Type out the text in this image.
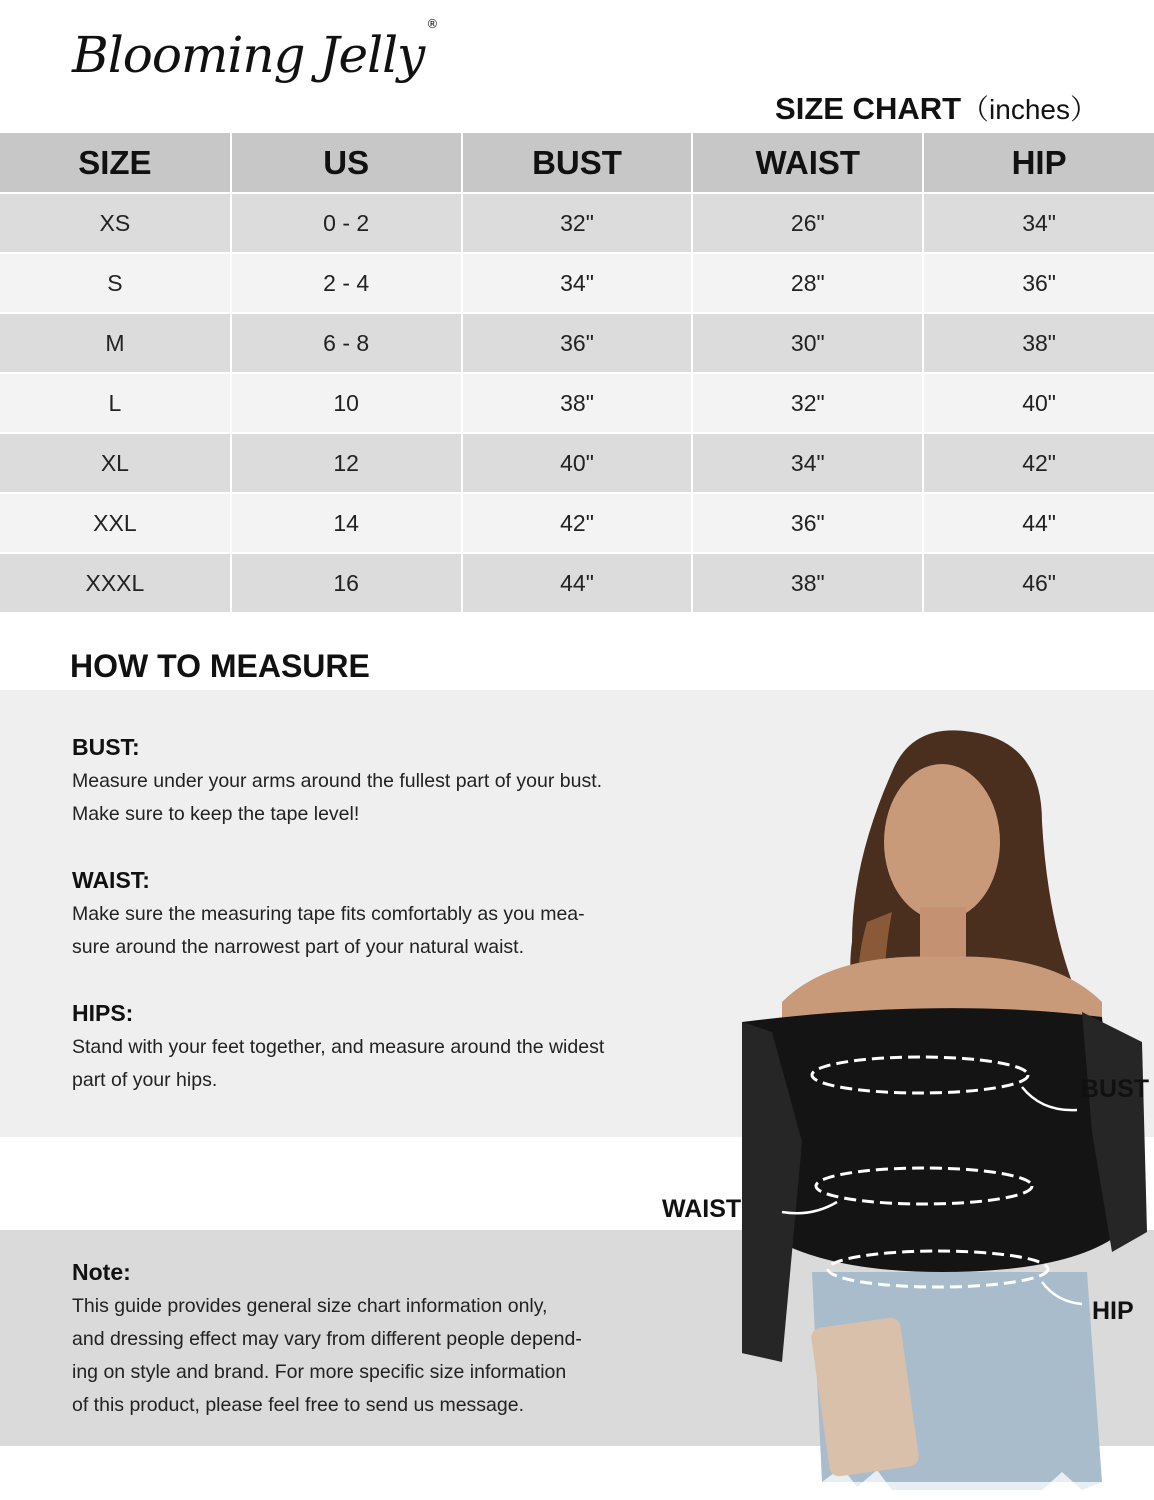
Blooming Jelly®
SIZE CHART（inches）
SIZE	US	BUST	WAIST	HIP
XS	0 - 2	32"	26"	34"
S	2 - 4	34"	28"	36"
M	6 - 8	36"	30"	38"
L	10	38"	32"	40"
XL	12	40"	34"	42"
XXL	14	42"	36"	44"
XXXL	16	44"	38"	46"
HOW TO MEASURE
BUST:
Measure under your arms around the fullest part of your bust.
Make sure to keep the tape level!
WAIST:
Make sure the measuring tape fits comfortably as you mea-
sure around the narrowest part of your natural waist.
HIPS:
Stand with your feet together, and measure around the widest
part of your hips.
Note:
This guide provides general size chart information only,
and dressing effect may vary from different people depend-
ing on style and brand. For more specific size information
of this product, please feel free to send us message.
BUST
WAIST
HIP
